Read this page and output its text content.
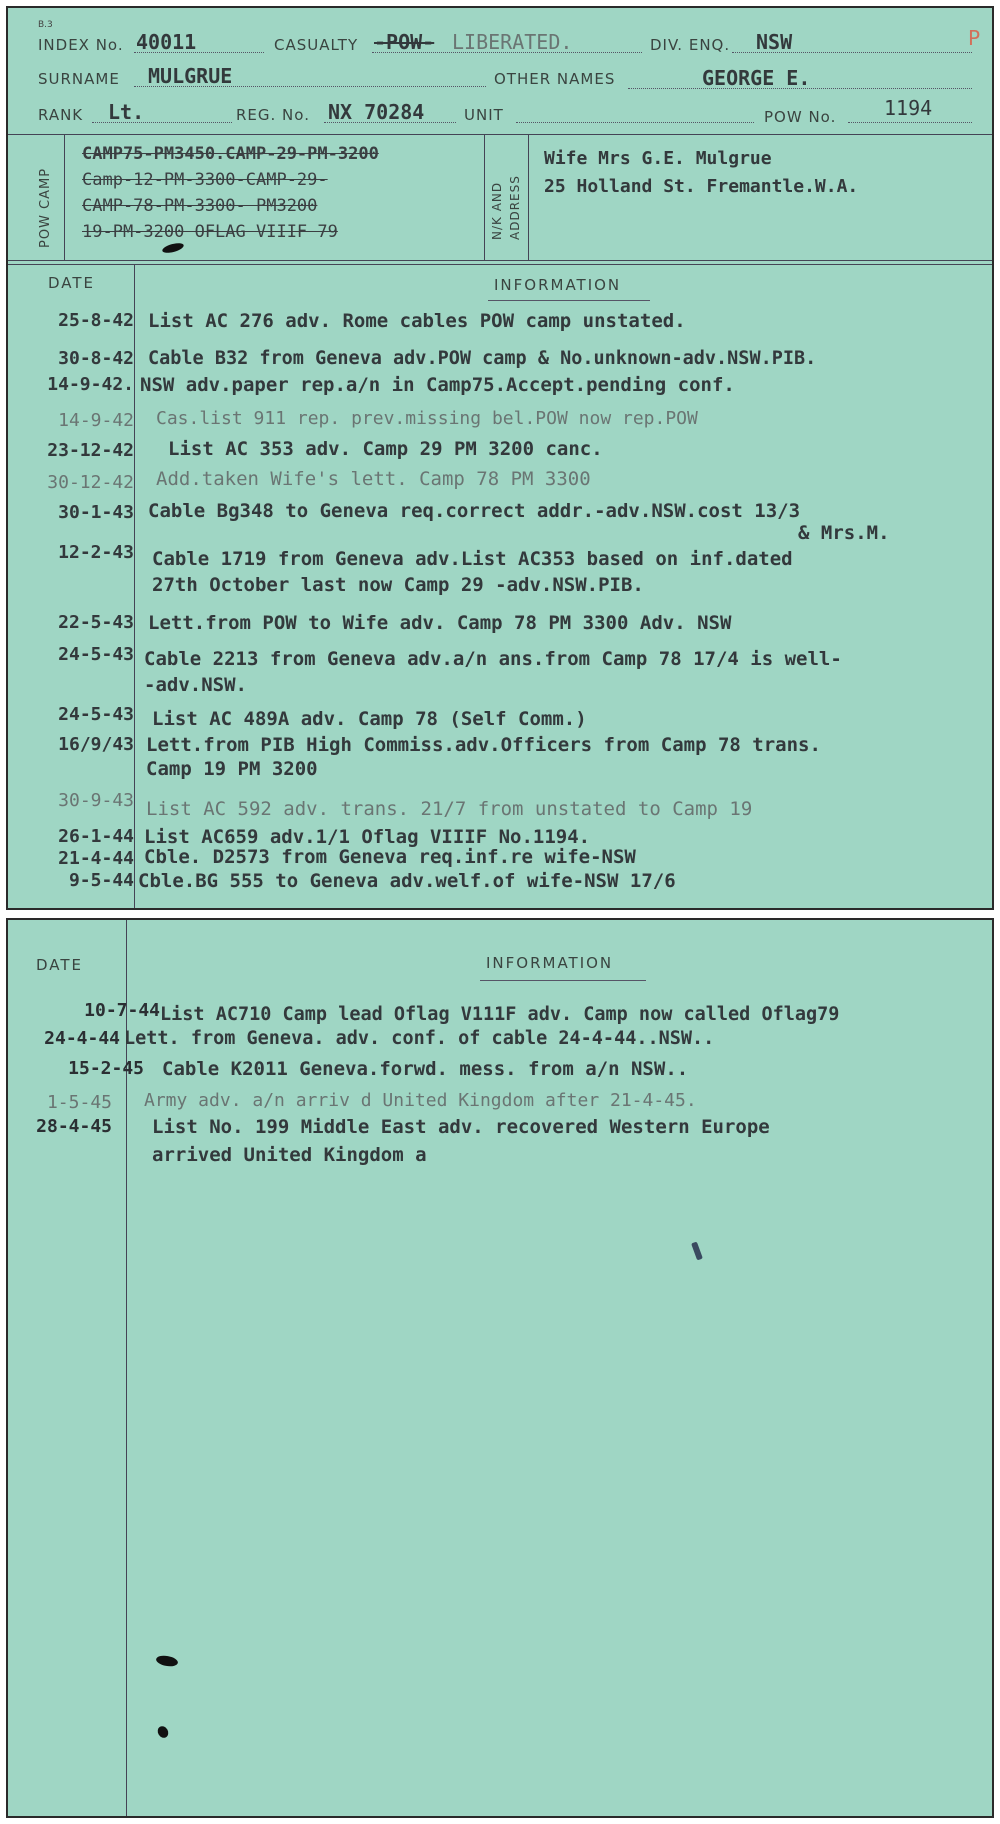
B.3
INDEX No. 40011	CASUALTY -POW- LIBERATED.	DIV. ENQ. NSW	P
SURNAME MULGRUE	OTHER NAMES	GEORGE E.
RANK Lt.	REG. No. NX 70284	UNIT	POW No. 1194
POW CAMP
CAMP75-PM3450.CAMP-29-PM-3200
Camp-12-PM-3300-CAMP-29-
CAMP-78-PM-3300- PM3200
19-PM-3200 OFLAG VIIIF 79	N/K AND ADDRESS
Wife Mrs G.E. Mulgrue
25 Holland St. Fremantle.W.A.
DATE	INFORMATION
25-8-42 List AC 276 adv. Rome cables POW camp unstated.
30-8-42 Cable B32 from Geneva adv.POW camp & No.unknown-adv.NSW.PIB.
14-9-42. NSW adv.paper rep.a/n in Camp75.Accept.pending conf.
14-9-42 Cas.list 911 rep. prev.missing bel.POW now rep.POW
23-12-42 List AC 353 adv. Camp 29 PM 3200 canc.
30-12-42 Add.taken Wife's lett. Camp 78 PM 3300
30-1-43 Cable Bg348 to Geneva req.correct addr.-adv.NSW.cost 13/3
& Mrs.M.
12-2-43 Cable 1719 from Geneva adv.List AC353 based on inf.dated
27th October last now Camp 29 -adv.NSW.PIB.
22-5-43 Lett.from POW to Wife adv. Camp 78 PM 3300 Adv. NSW
24-5-43 Cable 2213 from Geneva adv.a/n ans.from Camp 78 17/4 is well-
-adv.NSW.
24-5-43 List AC 489A adv. Camp 78 (Self Comm.)
16/9/43 Lett.from PIB High Commiss.adv.Officers from Camp 78 trans.
Camp 19 PM 3200
30-9-43 List AC 592 adv. trans. 21/7 from unstated to Camp 19
26-1-44 List AC659 adv.1/1 Oflag VIIIF No.1194.
21-4-44 Cble. D2573 from Geneva req.inf.re wife-NSW
9-5-44 Cble.BG 555 to Geneva adv.welf.of wife-NSW 17/6
DATE	INFORMATION
10-7-44 List AC710 Camp lead Oflag V111F adv. Camp now called Oflag79
24-4-44 Lett. from Geneva. adv. conf. of cable 24-4-44..NSW..
15-2-45 Cable K2011 Geneva.forwd. mess. from a/n NSW..
1-5-45 Army adv. a/n arriv d United Kingdom after 21-4-45.
28-4-45 List No. 199 Middle East adv. recovered Western Europe
arrived United Kingdom a
